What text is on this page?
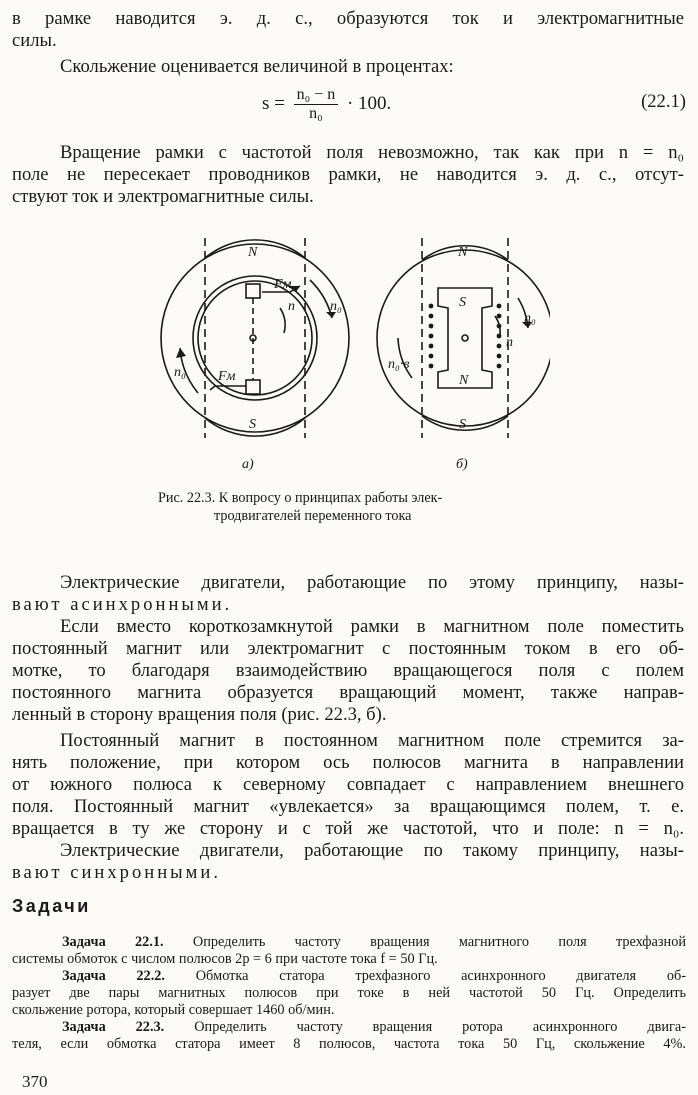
в рамке наводится э. д. с., образуются ток и электромагнитные
силы.
Скольжение оценивается величиной в процентах:
$s = \frac{\text{n₀ − n}}{\text{n₀}} \cdot 100$.	(22.1)
Вращение рамки с частотой поля невозможно, так как при n = n₀
поле не пересекает проводников рамки, не наводится э. д. с., отсут-
ствуют ток и электромагнитные силы.
N
S
n	n₀
n₀
Fм
Fм
а)
N
S
N
S
n
n₀
n₀·в
б)
Рис. 22.3. К вопросу о принципах работы элек-
тродвигателей переменного тока
Электрические двигатели, работающие по этому принципу, назы-
вают асинхронными.
Если вместо короткозамкнутой рамки в магнитном поле поместить
постоянный магнит или электромагнит с постоянным током в его об-
мотке, то благодаря взаимодействию вращающегося поля с полем
постоянного магнита образуется вращающий момент, также направ-
ленный в сторону вращения поля (рис. 22.3, б).
Постоянный магнит в постоянном магнитном поле стремится за-
нять положение, при котором ось полюсов магнита в направлении
от южного полюса к северному совпадает с направлением внешнего
поля. Постоянный магнит «увлекается» за вращающимся полем, т. е.
вращается в ту же сторону и с той же частотой, что и поле: n = n₀.
Электрические двигатели, работающие по такому принципу, назы-
вают синхронными.
Задачи
Задача 22.1. Определить частоту вращения магнитного поля трехфазной
системы обмоток с числом полюсов 2p = 6 при частоте тока f = 50 Гц.
Задача 22.2. Обмотка статора трехфазного асинхронного двигателя об-
разует две пары магнитных полюсов при токе в ней частотой 50 Гц. Определить
скольжение ротора, который совершает 1460 об/мин.
Задача 22.3. Определить частоту вращения ротора асинхронного двига-
теля, если обмотка статора имеет 8 полюсов, частота тока 50 Гц, скольжение 4%.
370
